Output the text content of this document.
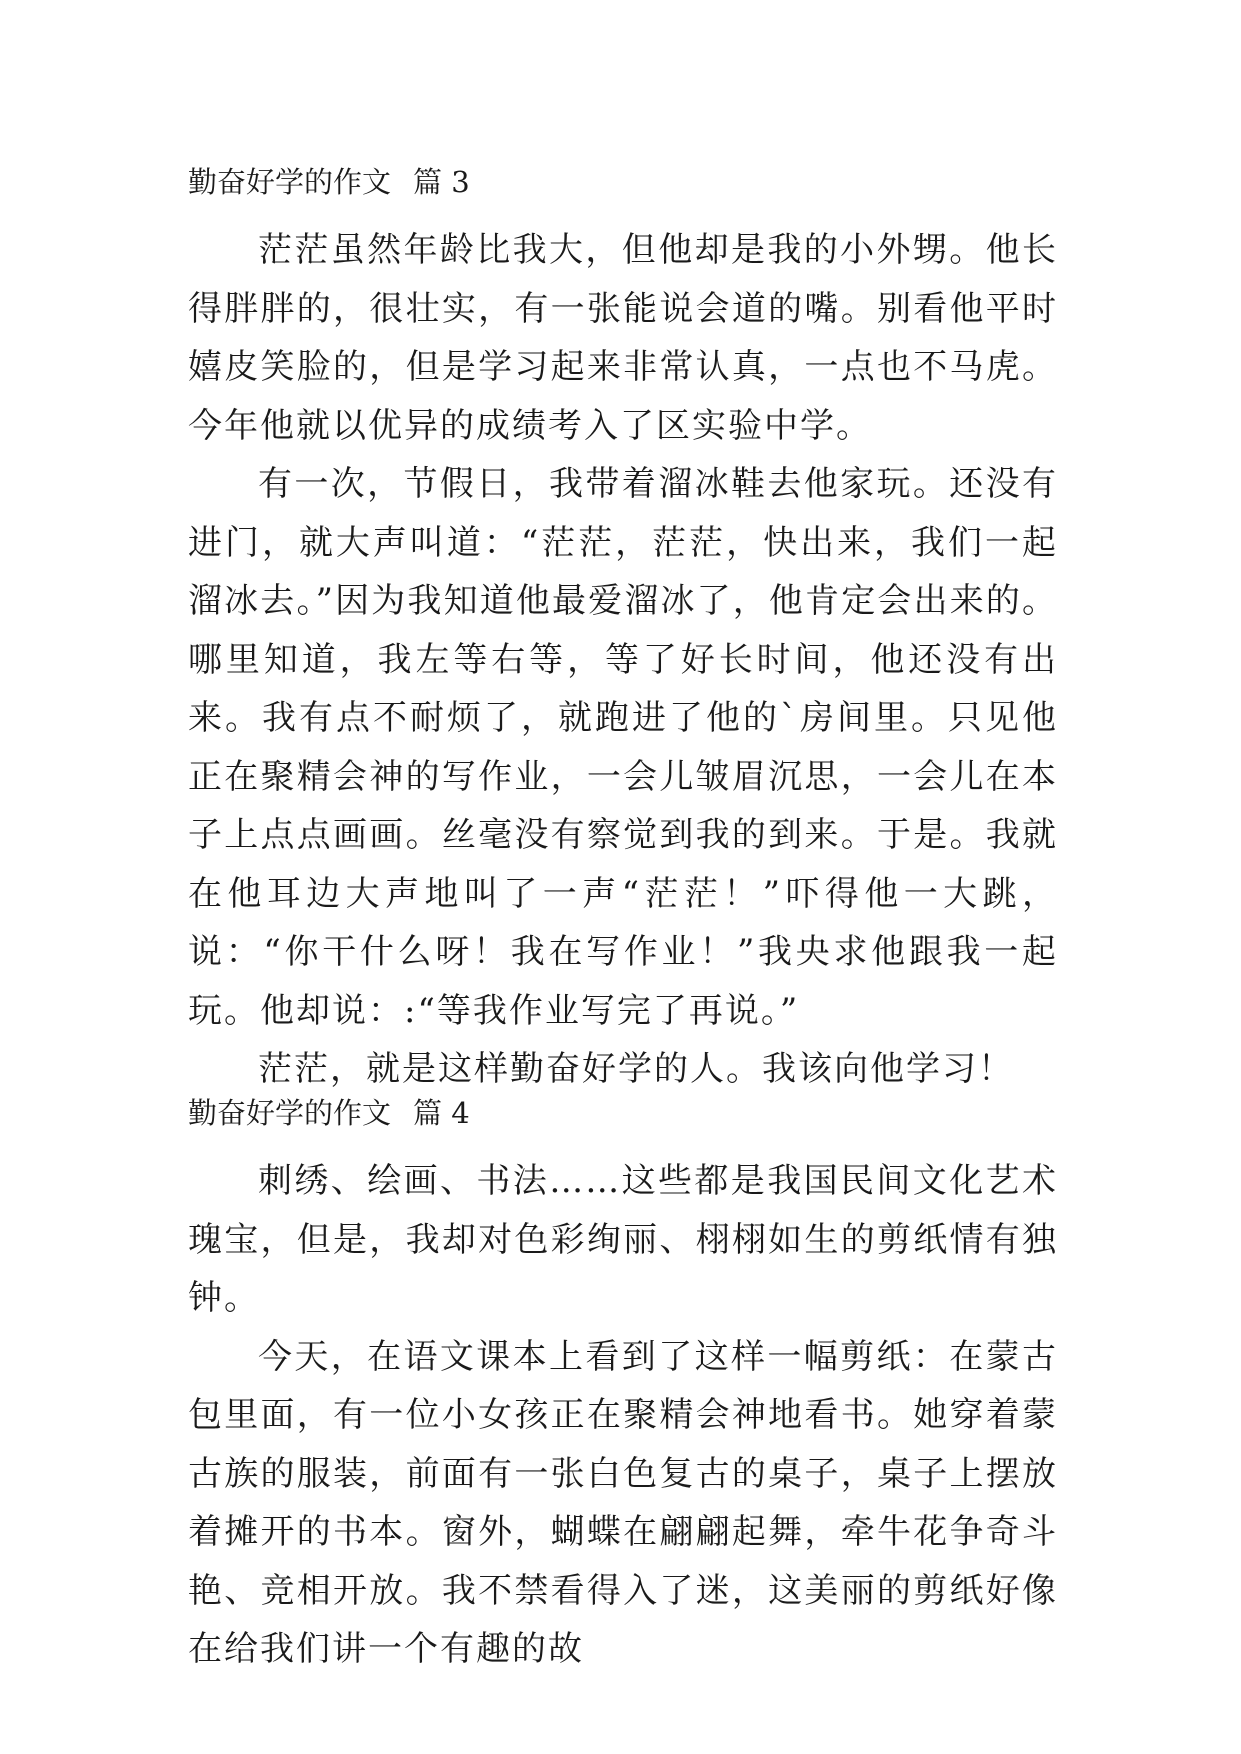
勤奋好学的作文 篇 3

茫茫虽然年龄比我大，但他却是我的小外甥。他长得胖胖的，很壮实，有一张能说会道的嘴。别看他平时嬉皮笑脸的，但是学习起来非常认真，一点也不马虎。今年他就以优异的成绩考入了区实验中学。

有一次，节假日，我带着溜冰鞋去他家玩。还没有进门，就大声叫道：“茫茫，茫茫，快出来，我们一起溜冰去。”因为我知道他最爱溜冰了，他肯定会出来的。哪里知道，我左等右等，等了好长时间，他还没有出来。我有点不耐烦了，就跑进了他的`房间里。只见他正在聚精会神的写作业，一会儿皱眉沉思，一会儿在本子上点点画画。丝毫没有察觉到我的到来。于是。我就在他耳边大声地叫了一声“茫茫！”吓得他一大跳，说：“你干什么呀！我在写作业！”我央求他跟我一起玩。他却说：:“等我作业写完了再说。”

茫茫，就是这样勤奋好学的人。我该向他学习！

勤奋好学的作文 篇 4

刺绣、绘画、书法……这些都是我国民间文化艺术瑰宝，但是，我却对色彩绚丽、栩栩如生的剪纸情有独钟。

今天，在语文课本上看到了这样一幅剪纸：在蒙古包里面，有一位小女孩正在聚精会神地看书。她穿着蒙古族的服装，前面有一张白色复古的桌子，桌子上摆放着摊开的书本。窗外，蝴蝶在翩翩起舞，牵牛花争奇斗艳、竞相开放。我不禁看得入了迷，这美丽的剪纸好像在给我们讲一个有趣的故
